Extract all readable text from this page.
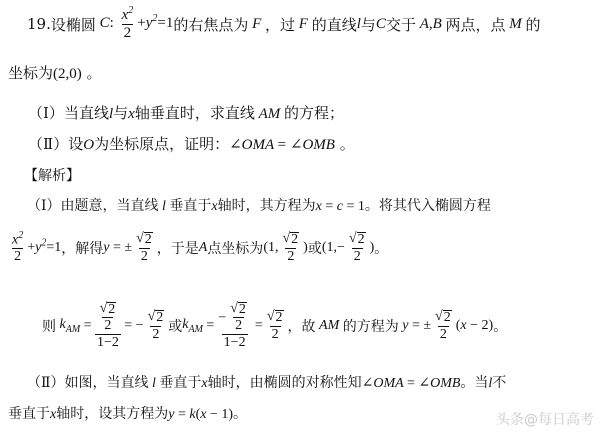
19. 设椭圆 C: $\frac{x^2}{2} +y^2=1$ 的右焦点为 F ，过 F 的直线 l 与 C 交于 A,B 两点，点 M 的
坐标为(2,0) 。
（Ⅰ）当直线l与x轴垂直时，求直线 AM 的方程；
（Ⅱ）设O为坐标原点，证明：∠OMA = ∠OMB 。
【解析】
（Ⅰ）由题意，当直线 l 垂直于x轴时，其方程为x = c = 1。将其代入椭圆方程
$\frac{x^2}{2} +y^2=1$ ，解得 y = ± $\frac{√ 2}{2}$ ，于是 A 点坐标为 (1, $\frac{√ 2}{2}$ ) 或 ($1,- \frac{√ 2}{2}$ ) 。
则 $k_{AM} = \frac{\frac{√ 2}{2}}{1-2}$ = − $\frac{√ 2}{2}$ 或 $k_{AM} = \frac{- \frac{√ 2}{2}}{1-2} = \frac{√ 2}{2}$ ，故 AM 的方程为 y = ± $\frac{√ 2}{2} (x - 2)$ 。
（Ⅱ）如图，当直线 l 垂直于x轴时，由椭圆的对称性知∠OMA = ∠OMB。当l不
垂直于x轴时，设其方程为y = k(x − 1)。	头条@每日高考
